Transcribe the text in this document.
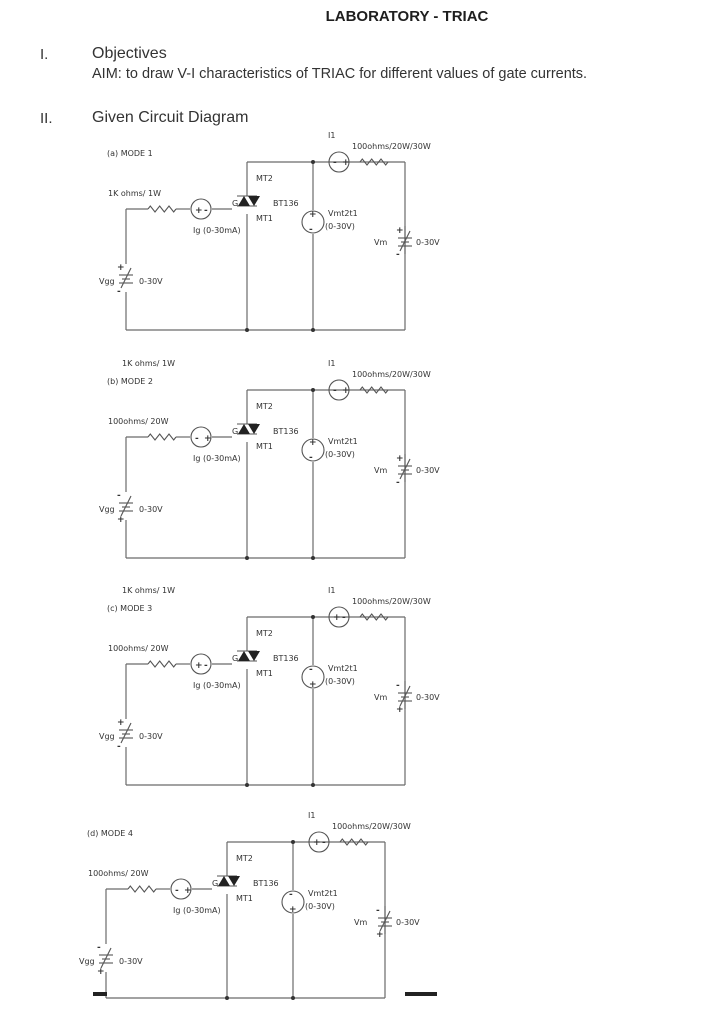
LABORATORY - TRIAC
I.	Objectives
AIM: to draw V-I characteristics of TRIAC for different values of gate currents.
II. Given Circuit Diagram
(a) MODE 1
1K ohms/ 1W
Ig (0-30mA)
+ -
G
MT2
MT1
BT136
I1
- +
100ohms/20W/30W
+
-
Vmt2t1
(0-30V)	+
-
Vm	0-30V
+
-
Vgg	0-30V
(b) MODE 2
1K ohms/ 1W
100ohms/ 20W
Ig (0-30mA)
- +
G
MT2
MT1
BT136
I1
- +
100ohms/20W/30W
+
-
Vmt2t1
(0-30V)	+
-
Vm	0-30V
-
+
Vgg	0-30V
(c) MODE 3
1K ohms/ 1W
100ohms/ 20W
Ig (0-30mA)
+ -
G
MT2
MT1
BT136
I1
+ -
100ohms/20W/30W
-
+
Vmt2t1
(0-30V)	-
+
Vm	0-30V
+
-
Vgg	0-30V
(d) MODE 4
100ohms/ 20W
Ig (0-30mA)
- +
G
MT2
MT1
BT136
I1
+ -
100ohms/20W/30W
-
+
Vmt2t1
(0-30V)	-
+
Vm	0-30V
-
+
Vgg	0-30V
